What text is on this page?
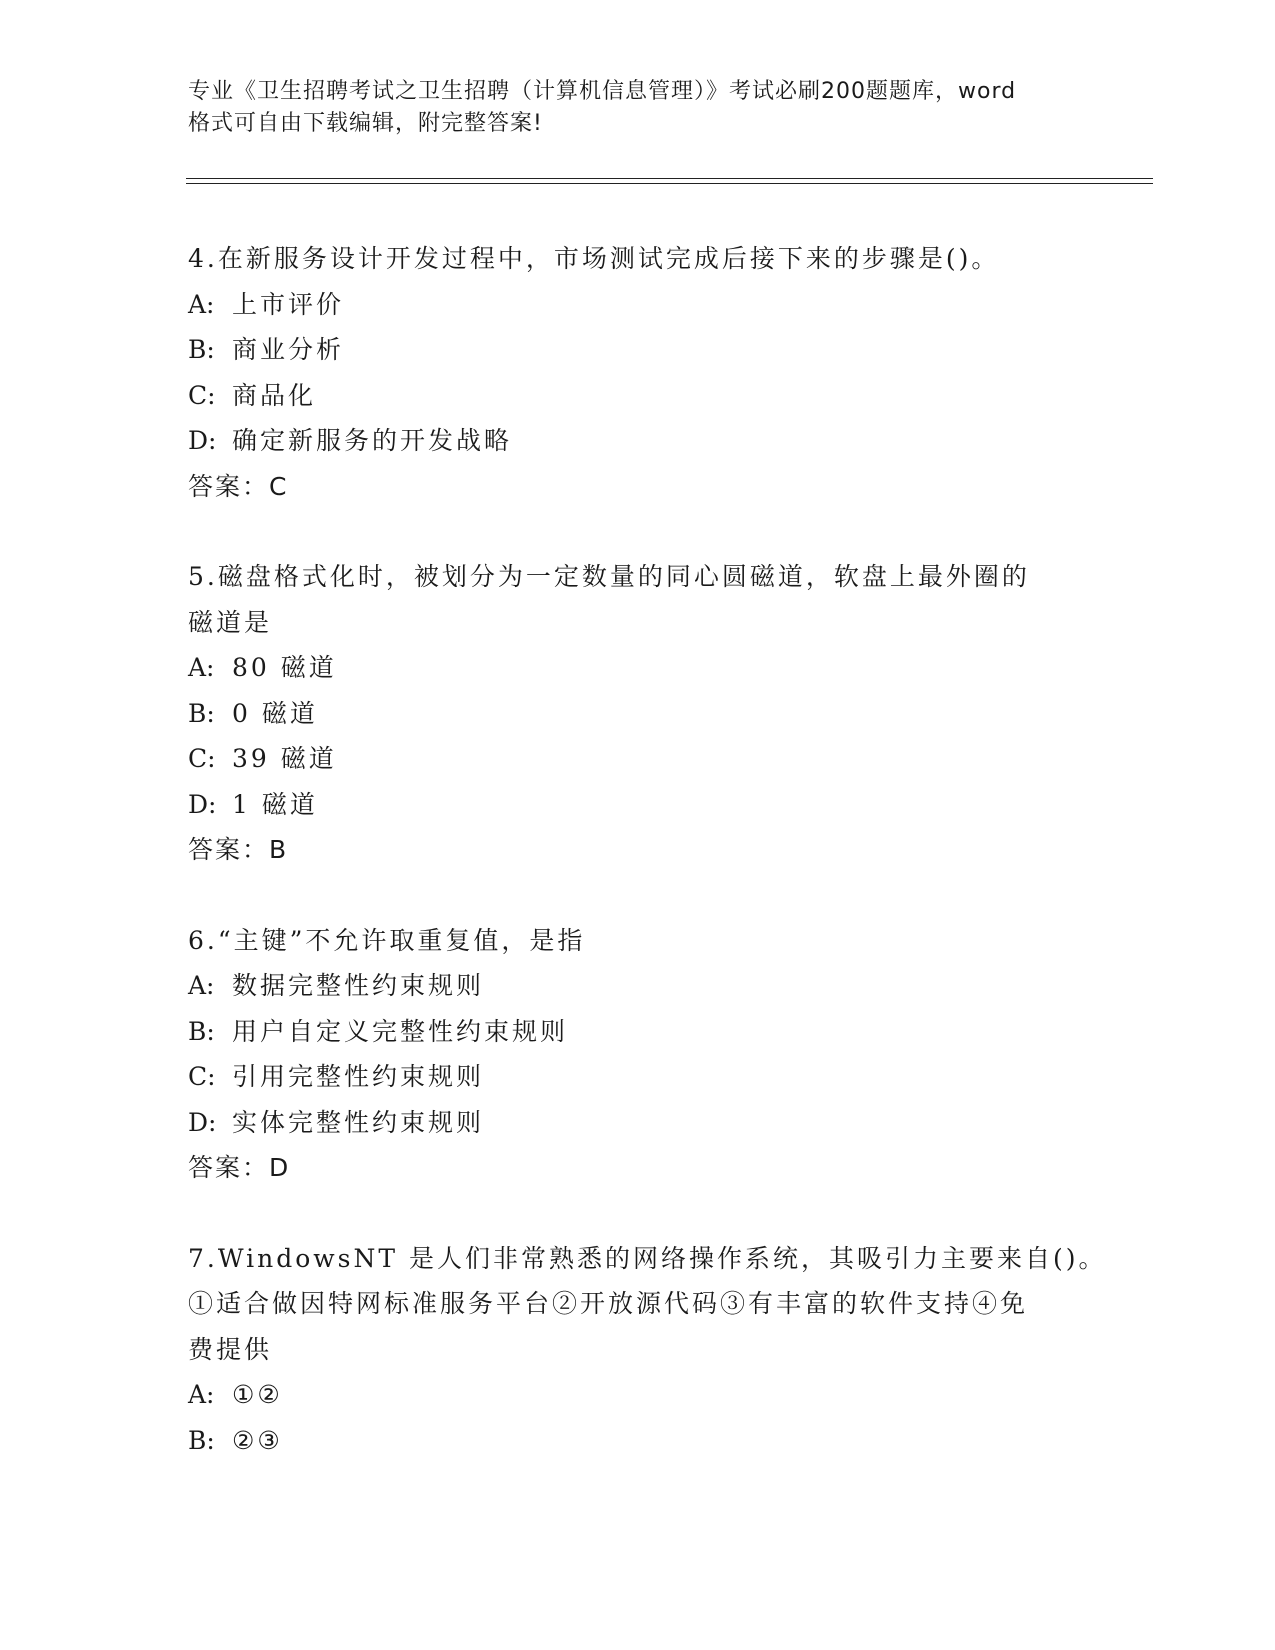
专业《卫生招聘考试之卫生招聘（计算机信息管理）》考试必刷200题题库，word
格式可自由下载编辑，附完整答案!
4.在新服务设计开发过程中，市场测试完成后接下来的步骤是()。
A: 上市评价
B: 商业分析
C: 商品化
D: 确定新服务的开发战略
答案：C
5.磁盘格式化时，被划分为一定数量的同心圆磁道，软盘上最外圈的
磁道是
A: 80 磁道
B: 0 磁道
C: 39 磁道
D: 1 磁道
答案：B
6.“主键”不允许取重复值，是指
A: 数据完整性约束规则
B: 用户自定义完整性约束规则
C: 引用完整性约束规则
D: 实体完整性约束规则
答案：D
7.WindowsNT 是人们非常熟悉的网络操作系统，其吸引力主要来自()。
①适合做因特网标准服务平台②开放源代码③有丰富的软件支持④免
费提供
A: ①②
B: ②③
